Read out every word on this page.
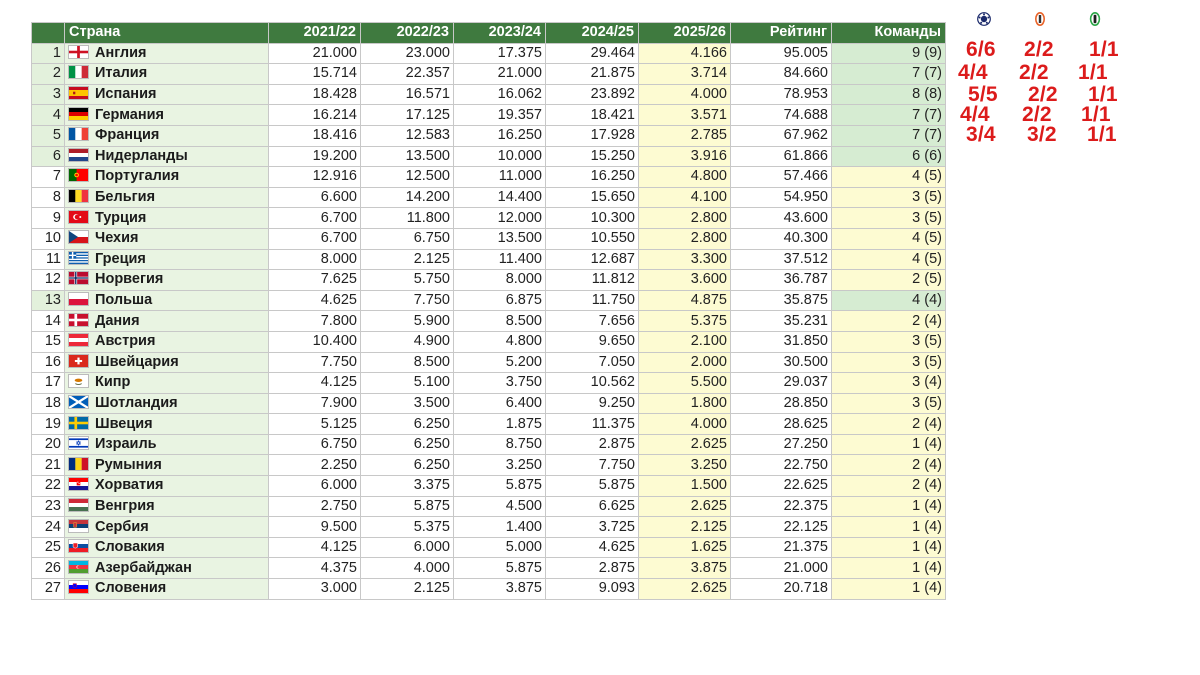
	Страна	2021/22	2022/23	2023/24	2024/25	2025/26	Рейтинг	Команды
1	Англия	21.000	23.000	17.375	29.464	4.166	95.005	9 (9)
2	Италия	15.714	22.357	21.000	21.875	3.714	84.660	7 (7)
3	Испания	18.428	16.571	16.062	23.892	4.000	78.953	8 (8)
4	Германия	16.214	17.125	19.357	18.421	3.571	74.688	7 (7)
5	Франция	18.416	12.583	16.250	17.928	2.785	67.962	7 (7)
6	Нидерланды	19.200	13.500	10.000	15.250	3.916	61.866	6 (6)
7	Португалия	12.916	12.500	11.000	16.250	4.800	57.466	4 (5)
8	Бельгия	6.600	14.200	14.400	15.650	4.100	54.950	3 (5)
9	Турция	6.700	11.800	12.000	10.300	2.800	43.600	3 (5)
10	Чехия	6.700	6.750	13.500	10.550	2.800	40.300	4 (5)
11	Греция	8.000	2.125	11.400	12.687	3.300	37.512	4 (5)
12	Норвегия	7.625	5.750	8.000	11.812	3.600	36.787	2 (5)
13	Польша	4.625	7.750	6.875	11.750	4.875	35.875	4 (4)
14	Дания	7.800	5.900	8.500	7.656	5.375	35.231	2 (4)
15	Австрия	10.400	4.900	4.800	9.650	2.100	31.850	3 (5)
16	Швейцария	7.750	8.500	5.200	7.050	2.000	30.500	3 (5)
17	Кипр	4.125	5.100	3.750	10.562	5.500	29.037	3 (4)
18	Шотландия	7.900	3.500	6.400	9.250	1.800	28.850	3 (5)
19	Швеция	5.125	6.250	1.875	11.375	4.000	28.625	2 (4)
20	Израиль	6.750	6.250	8.750	2.875	2.625	27.250	1 (4)
21	Румыния	2.250	6.250	3.250	7.750	3.250	22.750	2 (4)
22	Хорватия	6.000	3.375	5.875	5.875	1.500	22.625	2 (4)
23	Венгрия	2.750	5.875	4.500	6.625	2.625	22.375	1 (4)
24	Сербия	9.500	5.375	1.400	3.725	2.125	22.125	1 (4)
25	Словакия	4.125	6.000	5.000	4.625	1.625	21.375	1 (4)
26	Азербайджан	4.375	4.000	5.875	2.875	3.875	21.000	1 (4)
27	Словения	3.000	2.125	3.875	9.093	2.625	20.718	1 (4)
6/6 2/2 1/1
4/4 2/2 1/1
5/5 2/2 1/1
4/4 2/2 1/1
3/4 3/2 1/1
